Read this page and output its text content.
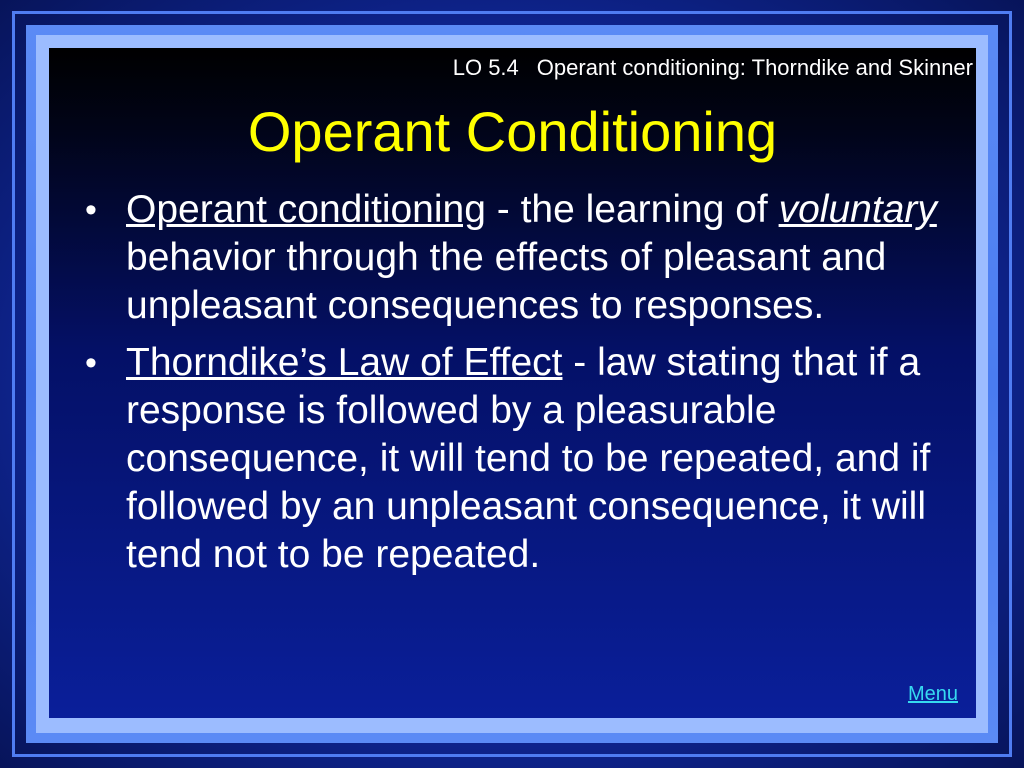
LO 5.4 Operant conditioning: Thorndike and Skinner
Operant Conditioning
• Operant conditioning - the learning of voluntary behavior through the effects of pleasant and unpleasant consequences to responses.
• Thorndike’s Law of Effect - law stating that if a response is followed by a pleasurable consequence, it will tend to be repeated, and if followed by an unpleasant consequence, it will tend not to be repeated.
Menu
